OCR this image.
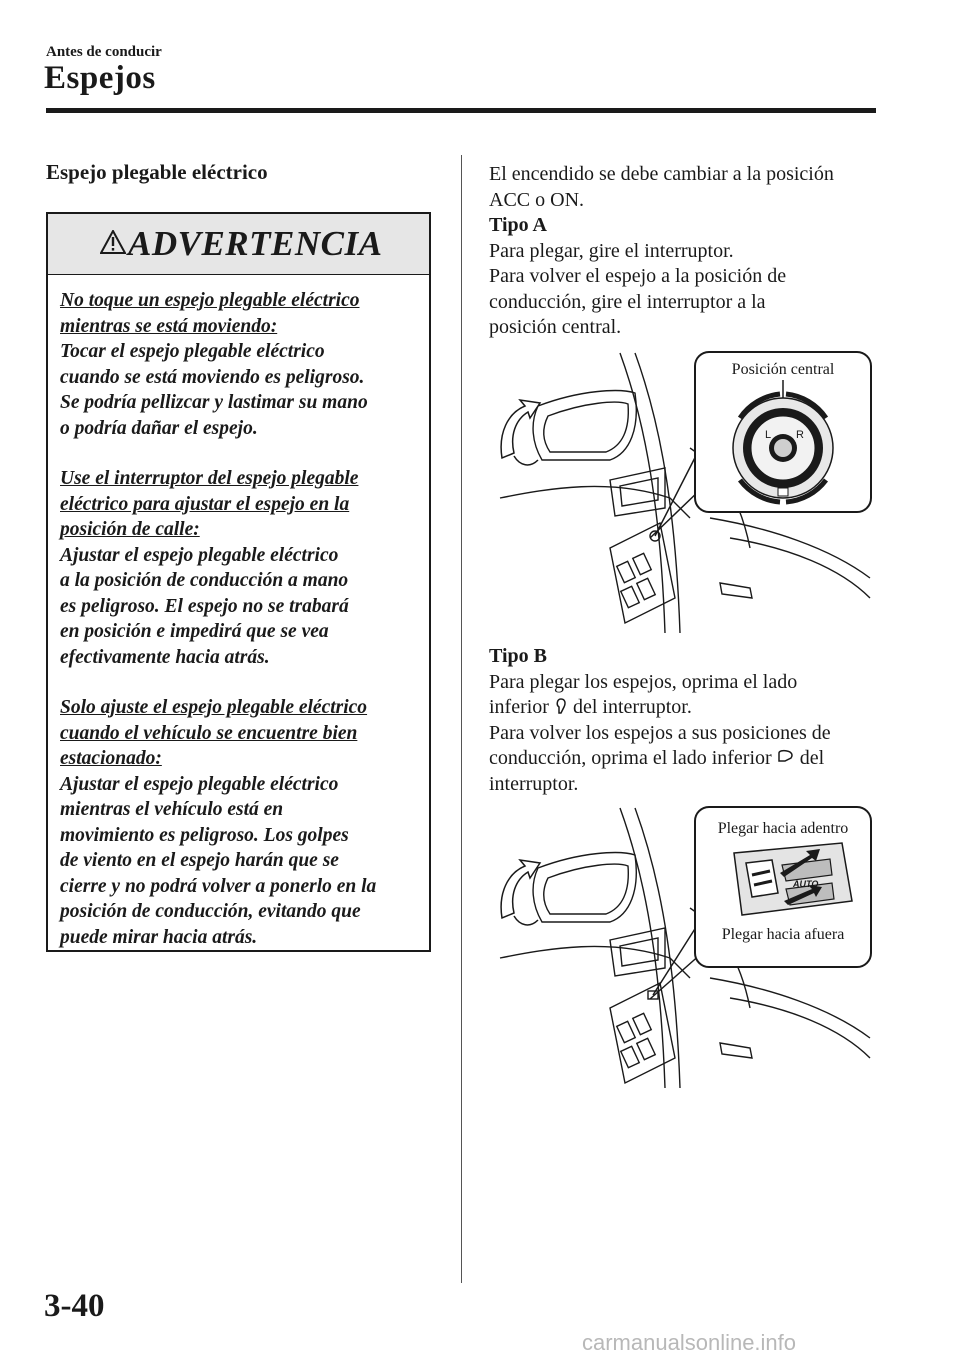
Antes de conducir
Espejos
Espejo plegable eléctrico
ADVERTENCIA

No toque un espejo plegable eléctrico
mientras se está moviendo:
Tocar el espejo plegable eléctrico
cuando se está moviendo es peligroso.
Se podría pellizcar y lastimar su mano
o podría dañar el espejo.

Use el interruptor del espejo plegable
eléctrico para ajustar el espejo en la
posición de calle:
Ajustar el espejo plegable eléctrico
a la posición de conducción a mano
es peligroso. El espejo no se trabará
en posición e impedirá que se vea
efectivamente hacia atrás.

Solo ajuste el espejo plegable eléctrico
cuando el vehículo se encuentre bien
estacionado:
Ajustar el espejo plegable eléctrico
mientras el vehículo está en
movimiento es peligroso. Los golpes
de viento en el espejo harán que se
cierre y no podrá volver a ponerlo en la
posición de conducción, evitando que
puede mirar hacia atrás.

El encendido se debe cambiar a la posición

ACC o ON.

Tipo A

Para plegar, gire el interruptor.

Para volver el espejo a la posición de

conducción, gire el interruptor a la

posición central.

Posición central
L R

Tipo B

Para plegar los espejos, oprima el lado

inferior del interruptor.

Para volver los espejos a sus posiciones de

conducción, oprima el lado inferior del

interruptor.

Plegar hacia adentro
Plegar hacia afuera
AUTO
3-40
carmanualsonline.info
